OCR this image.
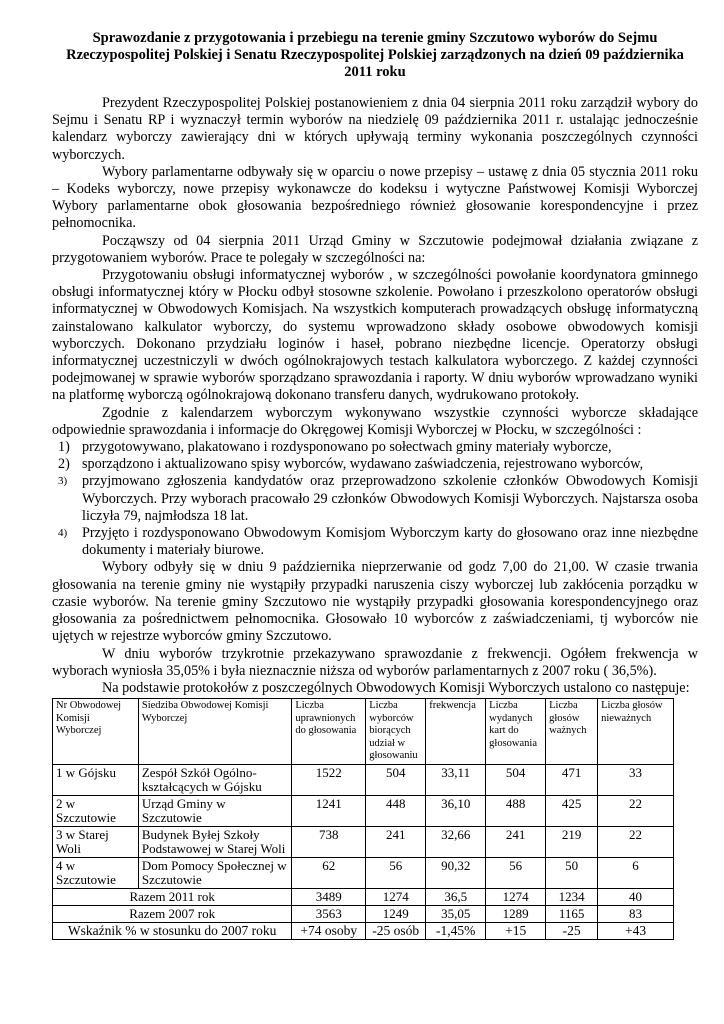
Sprawozdanie z przygotowania i przebiegu na terenie gminy Szczutowo wyborów do Sejmu Rzeczypospolitej Polskiej i Senatu Rzeczypospolitej Polskiej zarządzonych na dzień 09 października 2011 roku

Prezydent Rzeczypospolitej Polskiej postanowieniem z dnia 04 sierpnia 2011 roku zarządził wybory do Sejmu i Senatu RP i wyznaczył termin wyborów na niedzielę 09 października 2011 r. ustalając jednocześnie kalendarz wyborczy zawierający dni w których upływają terminy wykonania poszczególnych czynności wyborczych.

Wybory parlamentarne odbywały się w oparciu o nowe przepisy – ustawę z dnia 05 stycznia 2011 roku – Kodeks wyborczy, nowe przepisy wykonawcze do kodeksu i wytyczne Państwowej Komisji Wyborczej Wybory parlamentarne obok głosowania bezpośredniego również głosowanie korespondencyjne i przez pełnomocnika.

Począwszy od 04 sierpnia 2011 Urząd Gminy w Szczutowie podejmował działania związane z przygotowaniem wyborów. Prace te polegały w szczególności na:

Przygotowaniu obsługi informatycznej wyborów , w szczególności powołanie koordynatora gminnego obsługi informatycznej który w Płocku odbył stosowne szkolenie. Powołano i przeszkolono operatorów obsługi informatycznej w Obwodowych Komisjach. Na wszystkich komputerach prowadzących obsługę informatyczną zainstalowano kalkulator wyborczy, do systemu wprowadzono składy osobowe obwodowych komisji wyborczych. Dokonano przydziału loginów i haseł, pobrano niezbędne licencje. Operatorzy obsługi informatycznej uczestniczyli w dwóch ogólnokrajowych testach kalkulatora wyborczego. Z każdej czynności podejmowanej w sprawie wyborów sporządzano sprawozdania i raporty. W dniu wyborów wprowadzano wyniki na platformę wyborczą ogólnokrajową dokonano transferu danych, wydrukowano protokoły.

Zgodnie z kalendarzem wyborczym wykonywano wszystkie czynności wyborcze składające odpowiednie sprawozdania i informacje do Okręgowej Komisji Wyborczej w Płocku, w szczególności :

1) przygotowywano, plakatowano i rozdysponowano po sołectwach gminy materiały wyborcze,
2) sporządzono i aktualizowano spisy wyborców, wydawano zaświadczenia, rejestrowano wyborców,
3) przyjmowano zgłoszenia kandydatów oraz przeprowadzono szkolenie członków Obwodowych Komisji Wyborczych. Przy wyborach pracowało 29 członków Obwodowych Komisji Wyborczych. Najstarsza osoba liczyła 79, najmłodsza 18 lat.
4) Przyjęto i rozdysponowano Obwodowym Komisjom Wyborczym karty do głosowano oraz inne niezbędne dokumenty i materiały biurowe.

Wybory odbyły się w dniu 9 października nieprzerwanie od godz 7,00 do 21,00. W czasie trwania głosowania na terenie gminy nie wystąpiły przypadki naruszenia ciszy wyborczej lub zakłócenia porządku w czasie wyborów. Na terenie gminy Szczutowo nie wystąpiły przypadki głosowania korespondencyjnego oraz głosowania za pośrednictwem pełnomocnika. Głosowało 10 wyborców z zaświadczeniami, tj wyborców nie ujętych w rejestrze wyborców gminy Szczutowo.

W dniu wyborów trzykrotnie przekazywano sprawozdanie z frekwencji. Ogółem frekwencja w wyborach wyniosła 35,05% i była nieznacznie niższa od wyborów parlamentarnych z 2007 roku ( 36,5%).

Na podstawie protokołów z poszczególnych Obwodowych Komisji Wyborczych ustalono co następuje:

Nr Obwodowej Komisji Wyborczej	Siedziba Obwodowej Komisji Wyborczej	Liczba uprawnionych do głosowania	Liczba wyborców biorących udział w głosowaniu	frekwencja	Liczba wydanych kart do głosowania	Liczba głosów ważnych	Liczba głosów nieważnych
1 w Gójsku	Zespół Szkół Ogólno-kształcących w Gójsku	1522	504	33,11	504	471	33
2 w Szczutowie	Urząd Gminy w Szczutowie	1241	448	36,10	488	425	22
3 w Starej Woli	Budynek Byłej Szkoły Podstawowej w Starej Woli	738	241	32,66	241	219	22
4 w Szczutowie	Dom Pomocy Społecznej w Szczutowie	62	56	90,32	56	50	6
Razem 2011 rok		3489	1274	36,5	1274	1234	40
Razem 2007 rok		3563	1249	35,05	1289	1165	83
Wskaźnik % w stosunku do 2007 roku		+74 osoby	-25 osób	-1,45%	+15	-25	+43
